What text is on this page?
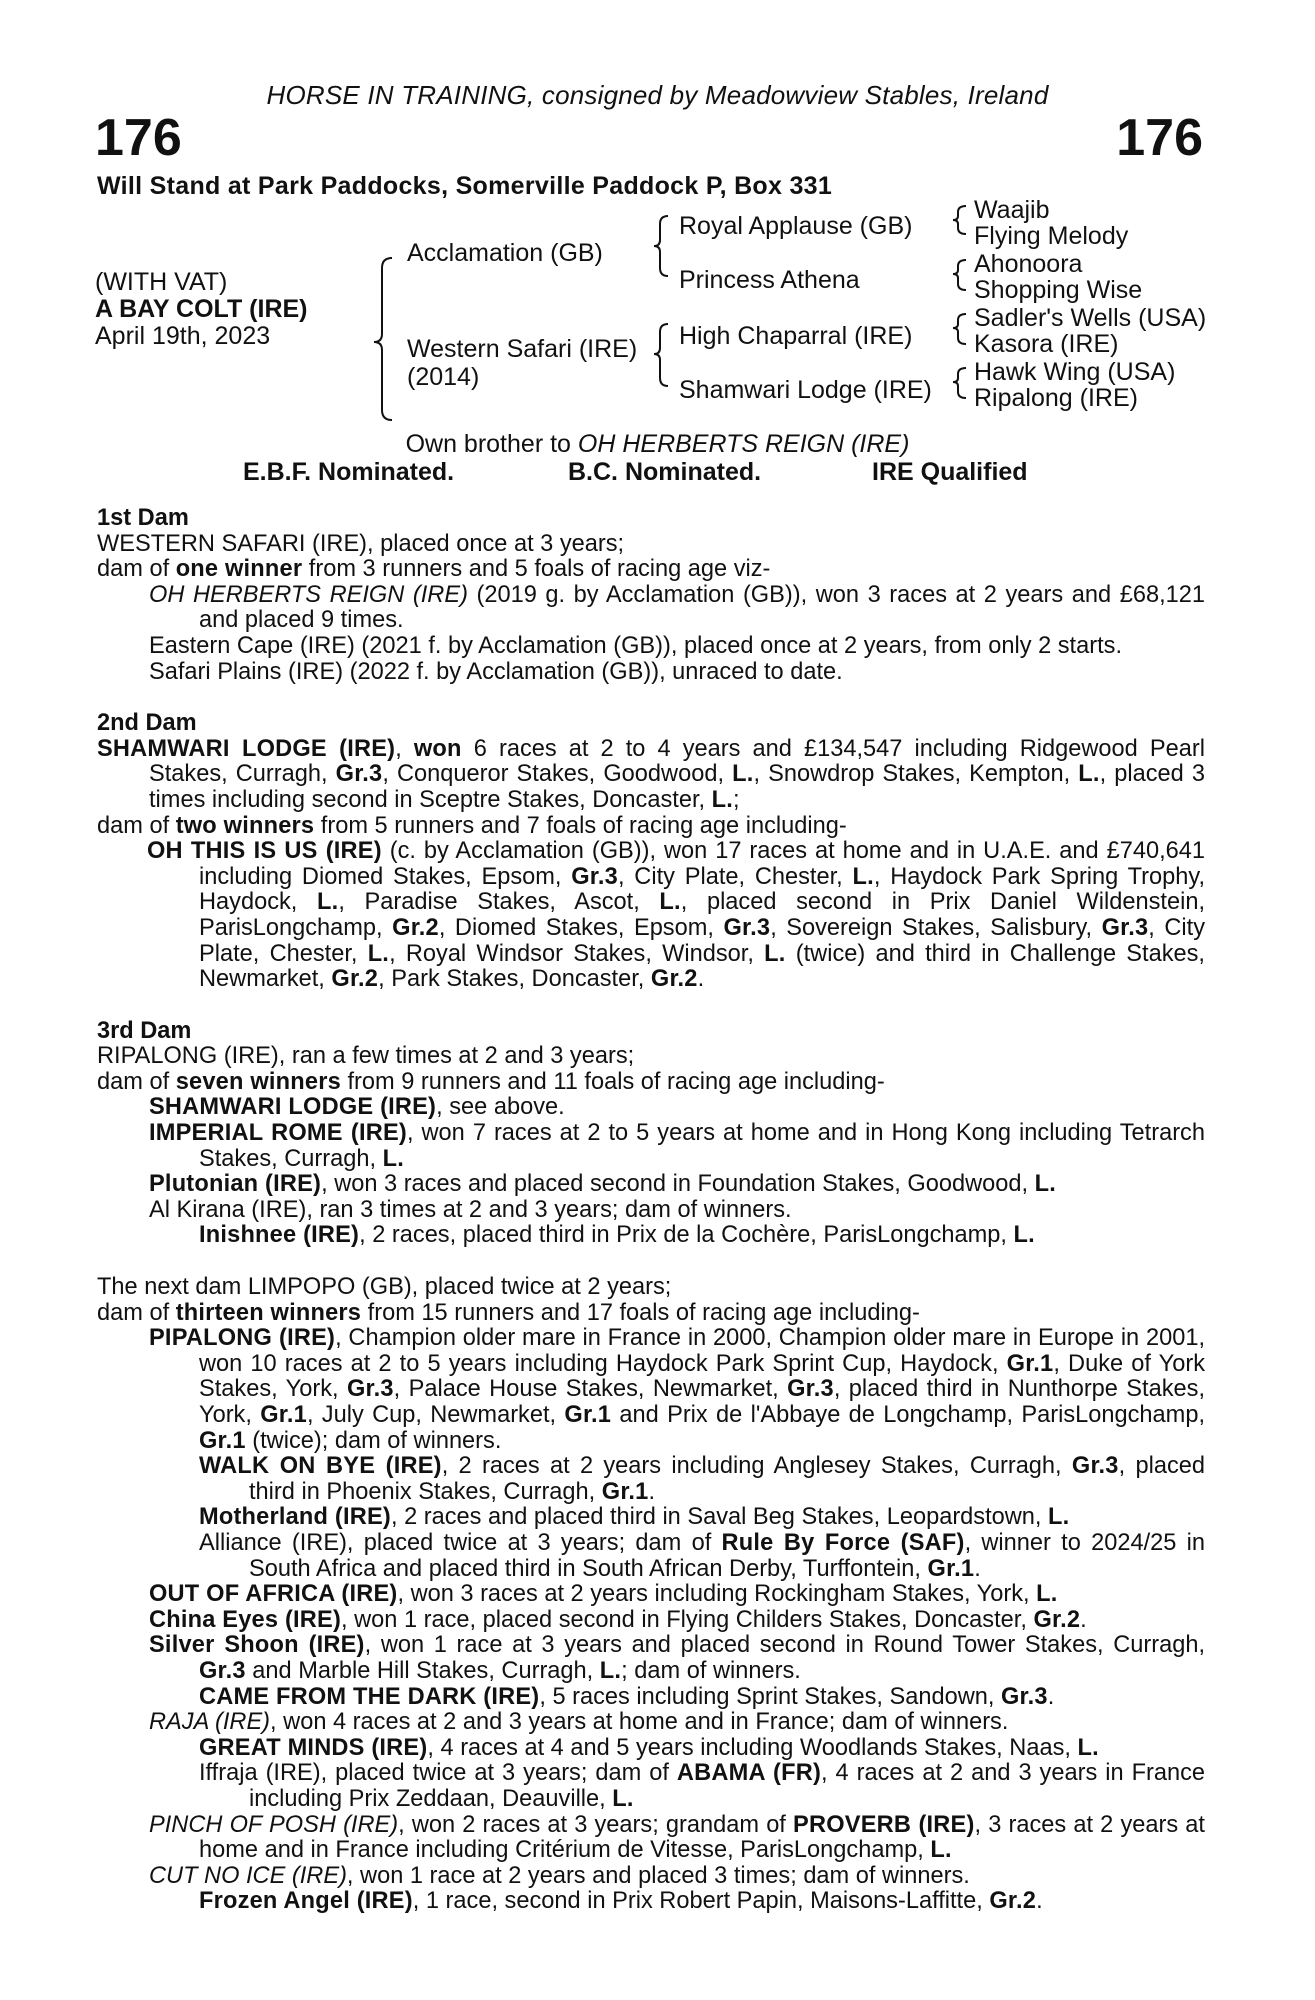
HORSE IN TRAINING, consigned by Meadowview Stables, Ireland
176	176
Will Stand at Park Paddocks, Somerville Paddock P, Box 331
(WITH VAT)
A BAY COLT (IRE)
April 19th, 2023
Acclamation (GB)
Western Safari (IRE)
(2014)
Royal Applause (GB)
Princess Athena
High Chaparral (IRE)
Shamwari Lodge (IRE)
Waajib
Flying Melody
Ahonoora
Shopping Wise
Sadler's Wells (USA)
Kasora (IRE)
Hawk Wing (USA)
Ripalong (IRE)
Own brother to OH HERBERTS REIGN (IRE)
E.B.F. Nominated.	B.C. Nominated.	IRE Qualified
1st Dam

WESTERN SAFARI (IRE), placed once at 3 years;

dam of one winner from 3 runners and 5 foals of racing age viz-

OH HERBERTS REIGN (IRE) (2019 g. by Acclamation (GB)), won 3 races at 2 years and £68,121 and placed 9 times.

Eastern Cape (IRE) (2021 f. by Acclamation (GB)), placed once at 2 years, from only 2 starts.

Safari Plains (IRE) (2022 f. by Acclamation (GB)), unraced to date.

2nd Dam

SHAMWARI LODGE (IRE), won 6 races at 2 to 4 years and £134,547 including Ridgewood Pearl Stakes, Curragh, Gr.3, Conqueror Stakes, Goodwood, L., Snowdrop Stakes, Kempton, L., placed 3 times including second in Sceptre Stakes, Doncaster, L.;

dam of two winners from 5 runners and 7 foals of racing age including-

OH THIS IS US (IRE) (c. by Acclamation (GB)), won 17 races at home and in U.A.E. and £740,641 including Diomed Stakes, Epsom, Gr.3, City Plate, Chester, L., Haydock Park Spring Trophy, Haydock, L., Paradise Stakes, Ascot, L., placed second in Prix Daniel Wildenstein, ParisLongchamp, Gr.2, Diomed Stakes, Epsom, Gr.3, Sovereign Stakes, Salisbury, Gr.3, City Plate, Chester, L., Royal Windsor Stakes, Windsor, L. (twice) and third in Challenge Stakes, Newmarket, Gr.2, Park Stakes, Doncaster, Gr.2.

3rd Dam

RIPALONG (IRE), ran a few times at 2 and 3 years;

dam of seven winners from 9 runners and 11 foals of racing age including-

SHAMWARI LODGE (IRE), see above.

IMPERIAL ROME (IRE), won 7 races at 2 to 5 years at home and in Hong Kong including Tetrarch Stakes, Curragh, L.

Plutonian (IRE), won 3 races and placed second in Foundation Stakes, Goodwood, L.

Al Kirana (IRE), ran 3 times at 2 and 3 years; dam of winners.

Inishnee (IRE), 2 races, placed third in Prix de la Cochère, ParisLongchamp, L.

The next dam LIMPOPO (GB), placed twice at 2 years;

dam of thirteen winners from 15 runners and 17 foals of racing age including-

PIPALONG (IRE), Champion older mare in France in 2000, Champion older mare in Europe in 2001, won 10 races at 2 to 5 years including Haydock Park Sprint Cup, Haydock, Gr.1, Duke of York Stakes, York, Gr.3, Palace House Stakes, Newmarket, Gr.3, placed third in Nunthorpe Stakes, York, Gr.1, July Cup, Newmarket, Gr.1 and Prix de l'Abbaye de Longchamp, ParisLongchamp, Gr.1 (twice); dam of winners.

WALK ON BYE (IRE), 2 races at 2 years including Anglesey Stakes, Curragh, Gr.3, placed third in Phoenix Stakes, Curragh, Gr.1.

Motherland (IRE), 2 races and placed third in Saval Beg Stakes, Leopardstown, L.

Alliance (IRE), placed twice at 3 years; dam of Rule By Force (SAF), winner to 2024/25 in South Africa and placed third in South African Derby, Turffontein, Gr.1.

OUT OF AFRICA (IRE), won 3 races at 2 years including Rockingham Stakes, York, L.

China Eyes (IRE), won 1 race, placed second in Flying Childers Stakes, Doncaster, Gr.2.

Silver Shoon (IRE), won 1 race at 3 years and placed second in Round Tower Stakes, Curragh, Gr.3 and Marble Hill Stakes, Curragh, L.; dam of winners.

CAME FROM THE DARK (IRE), 5 races including Sprint Stakes, Sandown, Gr.3.

RAJA (IRE), won 4 races at 2 and 3 years at home and in France; dam of winners.

GREAT MINDS (IRE), 4 races at 4 and 5 years including Woodlands Stakes, Naas, L.

Iffraja (IRE), placed twice at 3 years; dam of ABAMA (FR), 4 races at 2 and 3 years in France including Prix Zeddaan, Deauville, L.

PINCH OF POSH (IRE), won 2 races at 3 years; grandam of PROVERB (IRE), 3 races at 2 years at home and in France including Critérium de Vitesse, ParisLongchamp, L.

CUT NO ICE (IRE), won 1 race at 2 years and placed 3 times; dam of winners.

Frozen Angel (IRE), 1 race, second in Prix Robert Papin, Maisons-Laffitte, Gr.2.
